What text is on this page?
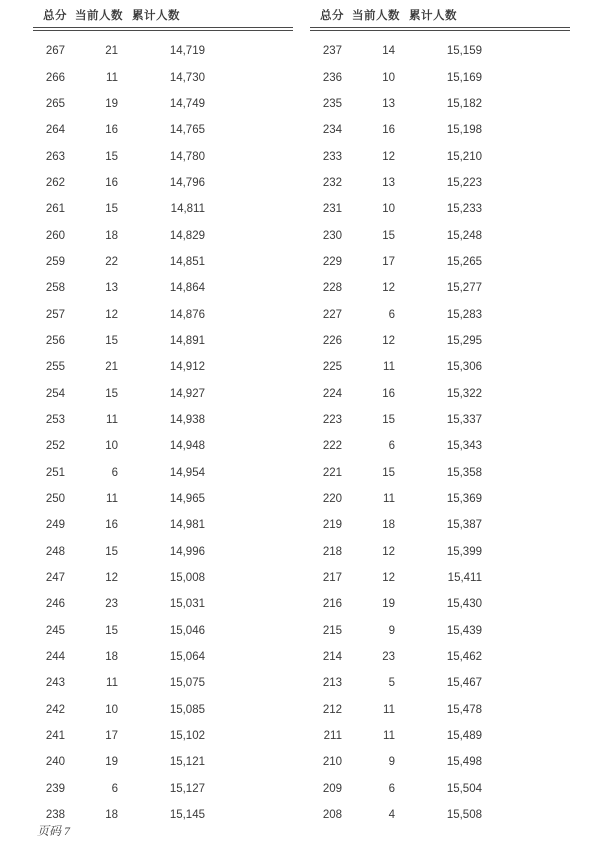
总分 当前人数 累计人数
267	21	14,719
266	11	14,730
265	19	14,749
264	16	14,765
263	15	14,780
262	16	14,796
261	15	14,811
260	18	14,829
259	22	14,851
258	13	14,864
257	12	14,876
256	15	14,891
255	21	14,912
254	15	14,927
253	11	14,938
252	10	14,948
251	6	14,954
250	11	14,965
249	16	14,981
248	15	14,996
247	12	15,008
246	23	15,031
245	15	15,046
244	18	15,064
243	11	15,075
242	10	15,085
241	17	15,102
240	19	15,121
239	6	15,127
238	18	15,145
总分 当前人数 累计人数
237	14	15,159
236	10	15,169
235	13	15,182
234	16	15,198
233	12	15,210
232	13	15,223
231	10	15,233
230	15	15,248
229	17	15,265
228	12	15,277
227	6	15,283
226	12	15,295
225	11	15,306
224	16	15,322
223	15	15,337
222	6	15,343
221	15	15,358
220	11	15,369
219	18	15,387
218	12	15,399
217	12	15,411
216	19	15,430
215	9	15,439
214	23	15,462
213	5	15,467
212	11	15,478
211	11	15,489
210	9	15,498
209	6	15,504
208	4	15,508
页码 7
